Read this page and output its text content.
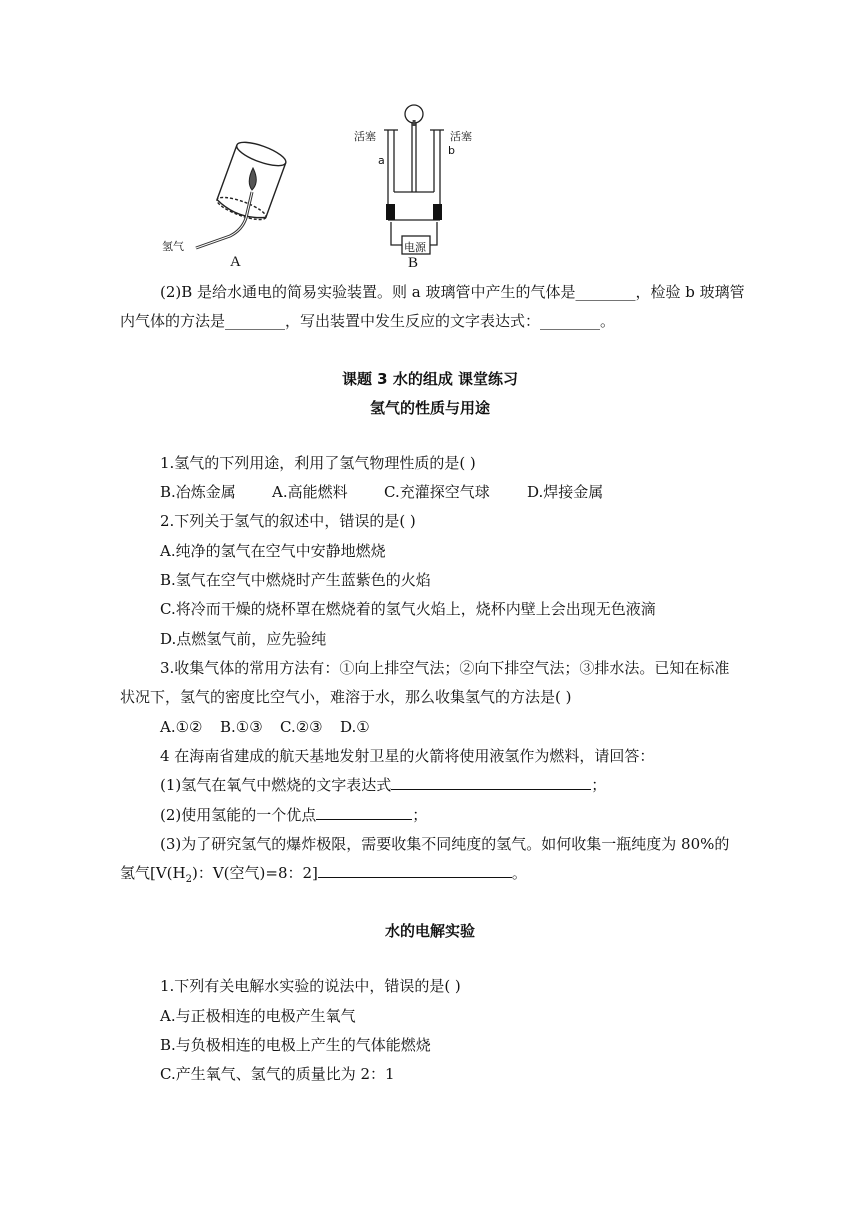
氢气
A
活塞	活塞
a
b
电源
B
(2)B 是给水通电的简易实验装置。则 a 玻璃管中产生的气体是________，检验 b 玻璃管
内气体的方法是________，写出装置中发生反应的文字表达式：________。
课题 3 水的组成 课堂练习
氢气的性质与用途
1.氢气的下列用途，利用了氢气物理性质的是( )
B.冶炼金属 A.高能燃料 C.充灌探空气球 D.焊接金属
2.下列关于氢气的叙述中，错误的是( )
A.纯净的氢气在空气中安静地燃烧
B.氢气在空气中燃烧时产生蓝紫色的火焰
C.将冷而干燥的烧杯罩在燃烧着的氢气火焰上，烧杯内壁上会出现无色液滴
D.点燃氢气前，应先验纯
3.收集气体的常用方法有：①向上排空气法；②向下排空气法；③排水法。已知在标准
状况下，氢气的密度比空气小，难溶于水，那么收集氢气的方法是( )
A.①② B.①③ C.②③ D.①
4 在海南省建成的航天基地发射卫星的火箭将使用液氢作为燃料，请回答：
(1)氢气在氧气中燃烧的文字表达式	；
(2)使用氢能的一个优点	；
(3)为了研究氢气的爆炸极限，需要收集不同纯度的氢气。如何收集一瓶纯度为 80%的
氢气[$V(H_2)$：V(空气)=8：2]	。
水的电解实验
1.下列有关电解水实验的说法中，错误的是( )
A.与正极相连的电极产生氧气
B.与负极相连的电极上产生的气体能燃烧
C.产生氧气、氢气的质量比为 2：1
